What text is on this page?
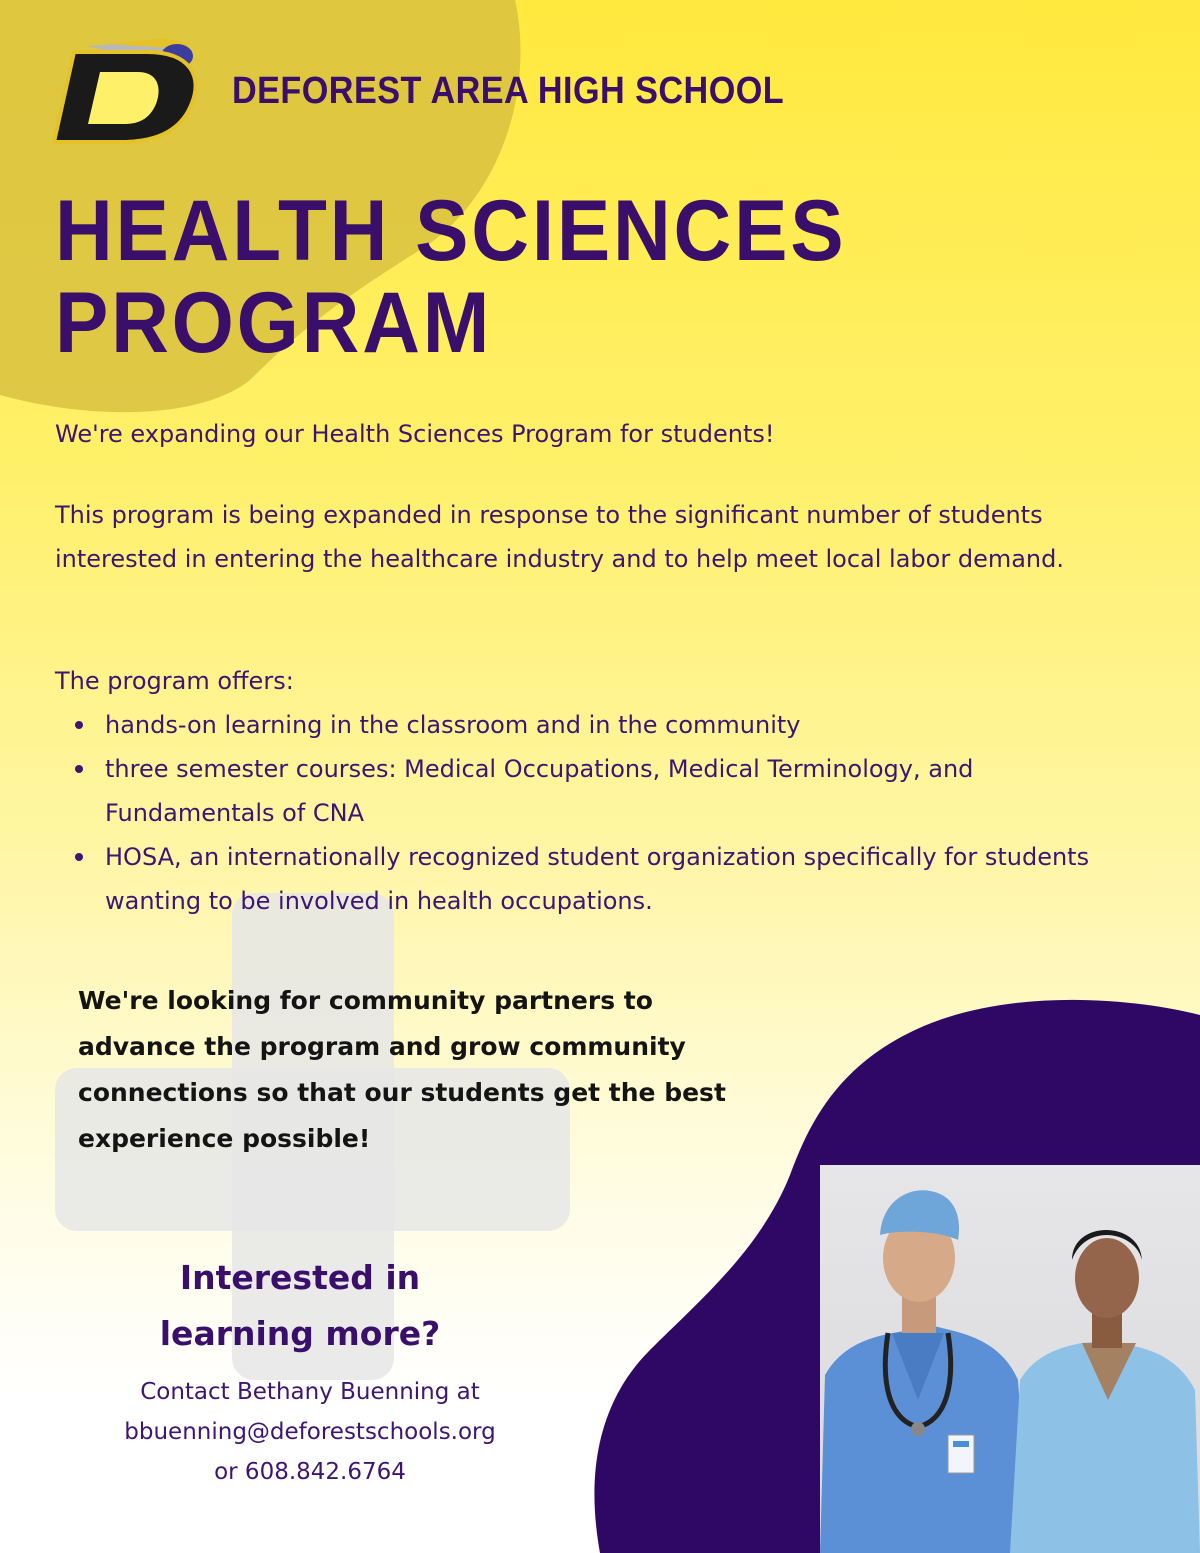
DEFOREST AREA HIGH SCHOOL
HEALTH SCIENCES
PROGRAM

We're expanding our Health Sciences Program for students!

This program is being expanded in response to the significant number of students interested in entering the healthcare industry and to help meet local labor demand.

The program offers:

hands-on learning in the classroom and in the community
three semester courses: Medical Occupations, Medical Terminology, and Fundamentals of CNA
HOSA, an internationally recognized student organization specifically for students wanting to be involved in health occupations.

We're looking for community partners to advance the program and grow community connections so that our students get the best experience possible!

Interested in
learning more?
Contact Bethany Buenning at
bbuenning@deforestschools.org
or 608.842.6764
